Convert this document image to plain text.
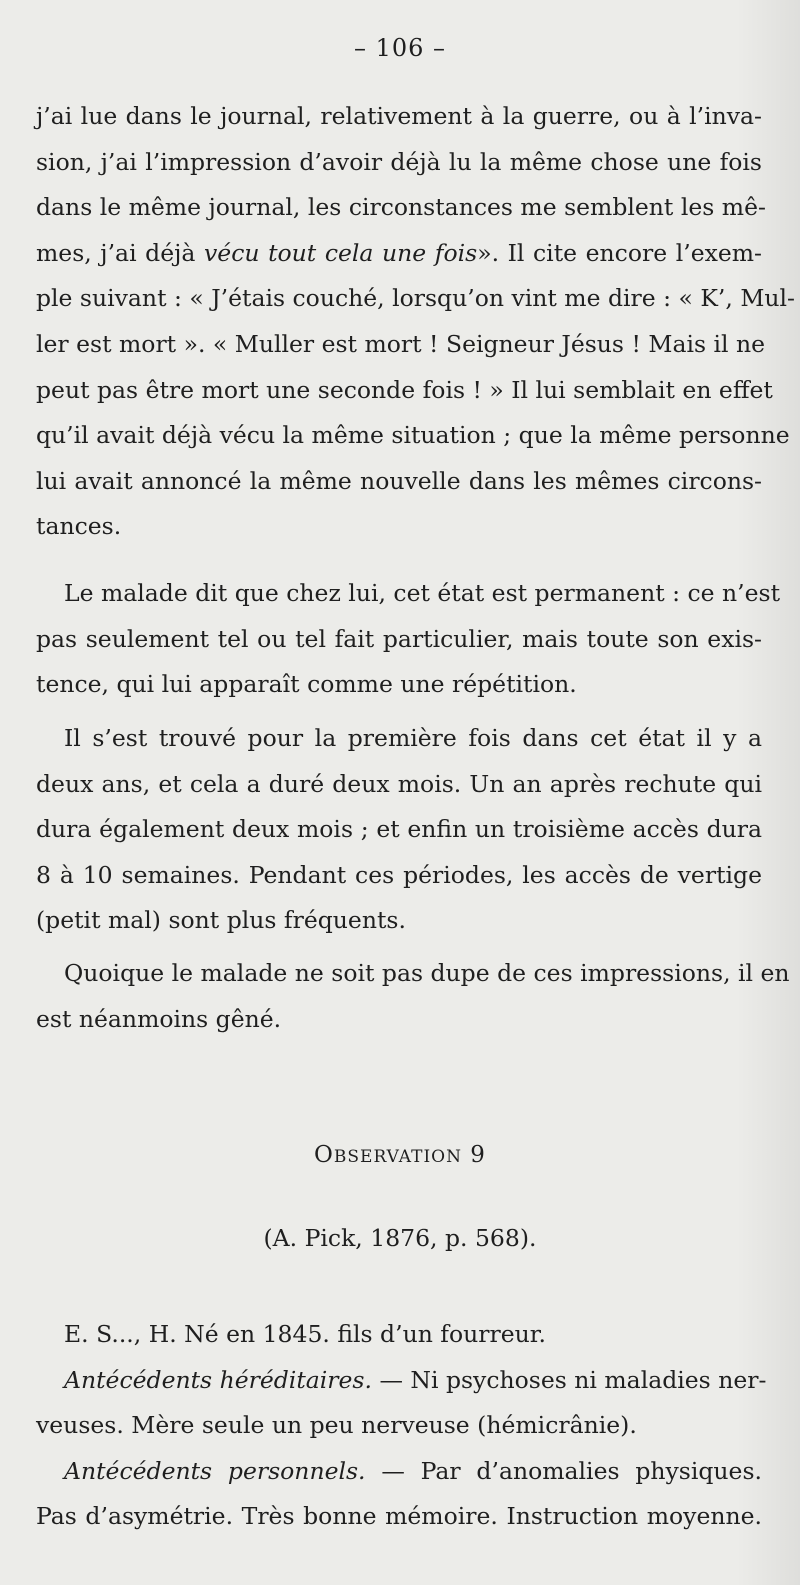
– 106 –
j’ai lue dans le journal, relativement à la guerre, ou à l’inva-
sion, j’ai l’impression d’avoir déjà lu la même chose une fois
dans le même journal, les circonstances me semblent les mê-
mes, j’ai déjà vécu tout cela une fois». Il cite encore l’exem-
ple suivant : « J’étais couché, lorsqu’on vint me dire : « K’, Mul-
ler est mort ». « Muller est mort ! Seigneur Jésus ! Mais il ne
peut pas être mort une seconde fois ! » Il lui semblait en effet
qu’il avait déjà vécu la même situation ; que la même personne
lui avait annoncé la même nouvelle dans les mêmes circons-
tances.
Le malade dit que chez lui, cet état est permanent : ce n’est
pas seulement tel ou tel fait particulier, mais toute son exis-
tence, qui lui apparaît comme une répétition.
Il s’est trouvé pour la première fois dans cet état il y a
deux ans, et cela a duré deux mois. Un an après rechute qui
dura également deux mois ; et enfin un troisième accès dura
8 à 10 semaines. Pendant ces périodes, les accès de vertige
(petit mal) sont plus fréquents.
Quoique le malade ne soit pas dupe de ces impressions, il en
est néanmoins gêné.
OBSERVATION 9
(A. Pick, 1876, p. 568).
E. S..., H. Né en 1845. fils d’un fourreur.
Antécédents héréditaires. — Ni psychoses ni maladies ner-
veuses. Mère seule un peu nerveuse (hémicrânie).
Antécédents personnels. — Par d’anomalies physiques.
Pas d’asymétrie. Très bonne mémoire. Instruction moyenne.
